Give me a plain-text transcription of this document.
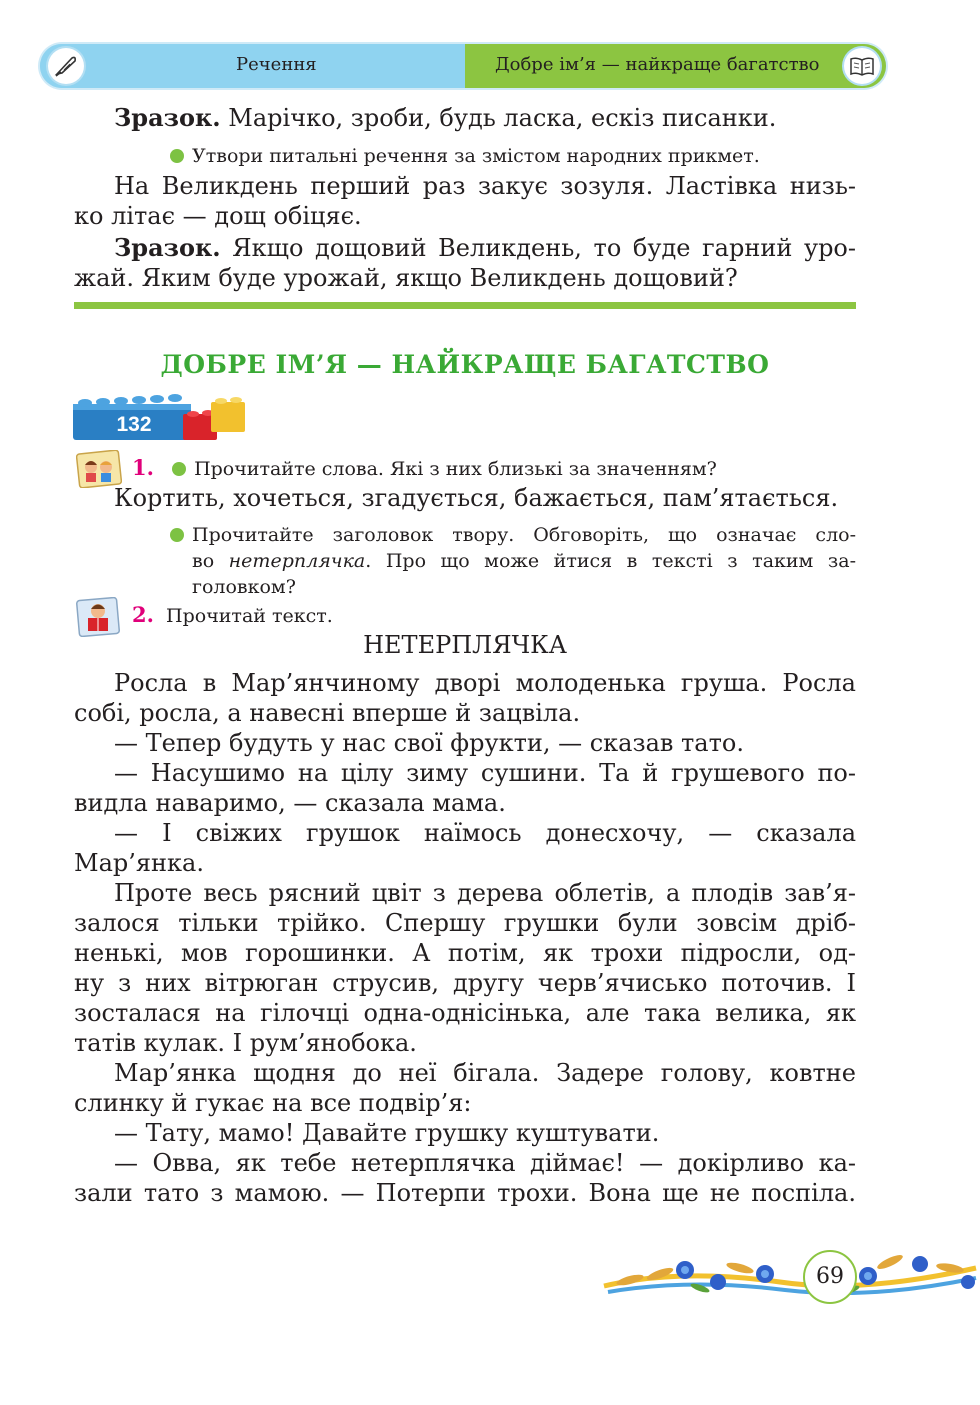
Речення	Добре ім’я — найкраще багатство
Зразок. Марічко, зроби, будь ласка, ескіз писанки.
Утвори питальні речення за змістом народних прикмет.
На Великдень перший раз закує зозуля. Ластівка низь-
ко літає — дощ обіцяє.
Зразок. Якщо дощовий Великдень, то буде гарний уро-
жай. Яким буде урожай, якщо Великдень дощовий?
ДОБРЕ ІМ’Я — НАЙКРАЩЕ БАГАТСТВО
132
1. Прочитайте слова. Які з них близькі за значенням?
Кортить, хочеться, згадується, бажається, пам’ятається.
Прочитайте заголовок твору. Обговоріть, що означає сло-
во нетерплячка. Про що може йтися в тексті з таким за-
головком?
2. Прочитай текст.
НЕТЕРПЛЯЧКА
Росла в Мар’янчиному дворі молоденька груша. Росла
собі, росла, а навесні вперше й зацвіла.
— Тепер будуть у нас свої фрукти, — сказав тато.
— Насушимо на цілу зиму сушини. Та й грушевого по-
видла наваримо, — сказала мама.
— І свіжих грушок наїмось донесхочу, — сказала
Мар’янка.
Проте весь рясний цвіт з дерева облетів, а плодів зав’я-
залося тільки трійко. Спершу грушки були зовсім дріб-
ненькі, мов горошинки. А потім, як трохи підросли, од-
ну з них вітрюган струсив, другу черв’ячисько поточив. І
зосталася на гілочці одна-однісінька, але така велика, як
татів кулак. І рум’янобока.
Мар’янка щодня до неї бігала. Задере голову, ковтне
слинку й гукає на все подвір’я:
— Тату, мамо! Давайте грушку куштувати.
— Овва, як тебе нетерплячка діймає! — докірливо ка-
зали тато з мамою. — Потерпи трохи. Вона ще не поспіла.
69
